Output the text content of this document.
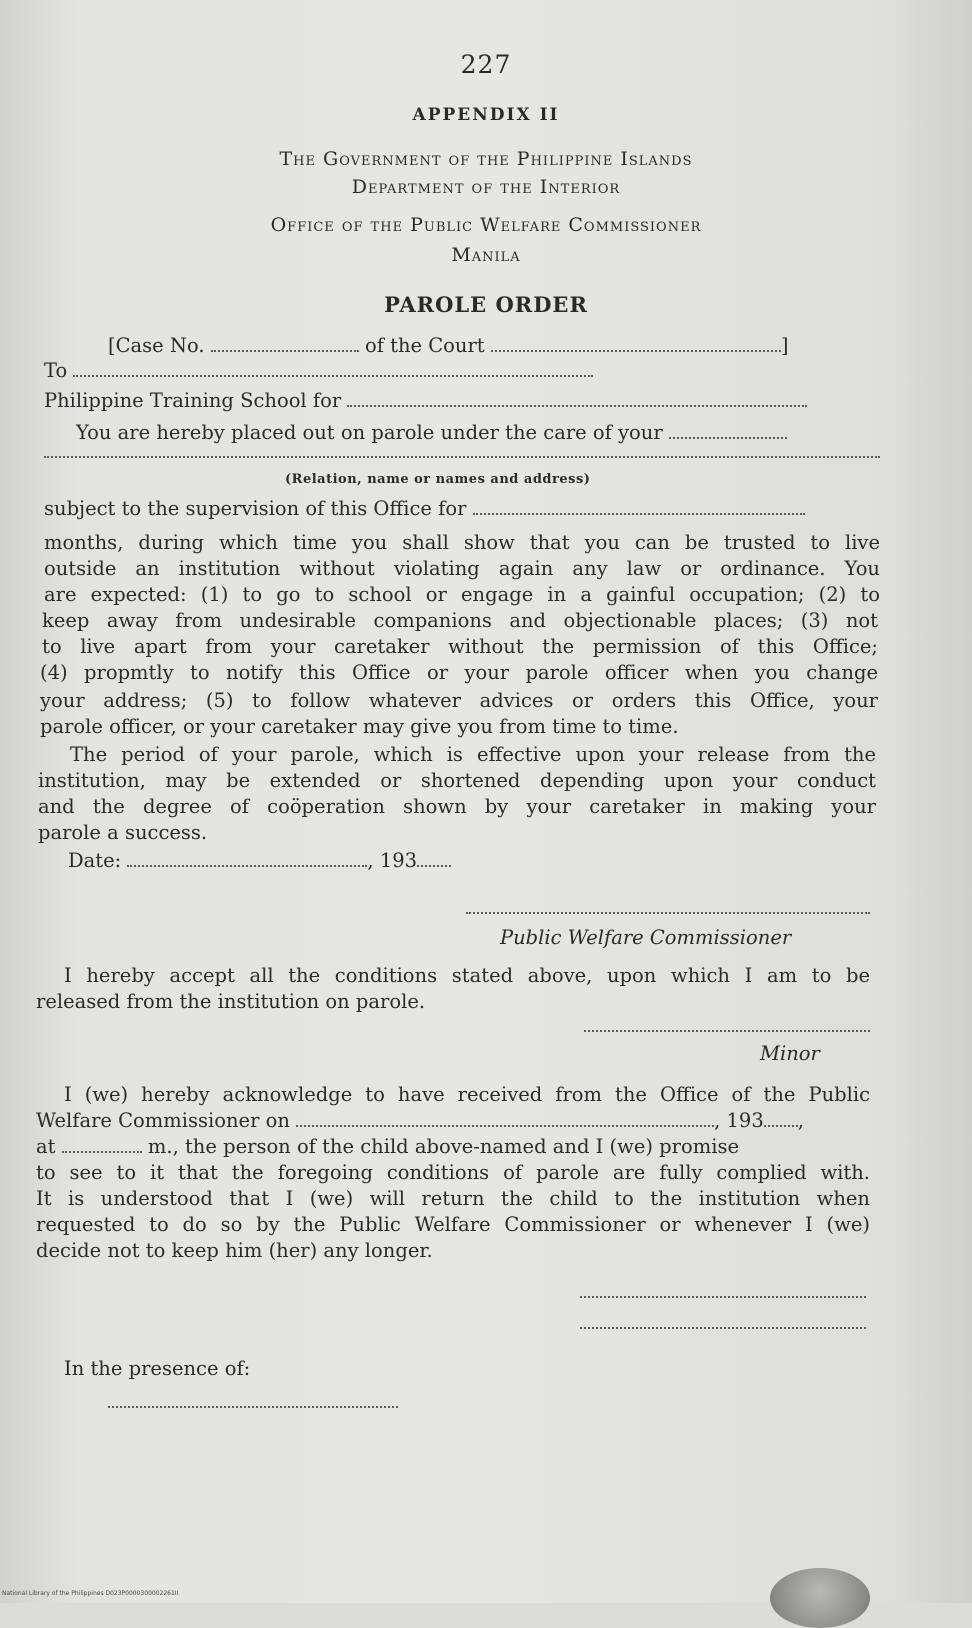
227
APPENDIX II
The Government of the Philippine Islands
Department of the Interior
Office of the Public Welfare Commissioner
Manila
PAROLE ORDER
[Case No.	of the Court	]
To
Philippine Training School for
You are hereby placed out on parole under the care of your
(Relation, name or names and address)
subject to the supervision of this Office for
months, during which time you shall show that you can be trusted to live
outside an institution without violating again any law or ordinance. You
are expected: (1) to go to school or engage in a gainful occupation; (2) to
keep away from undesirable companions and objectionable places; (3) not
to live apart from your caretaker without the permission of this Office;
(4) propmtly to notify this Office or your parole officer when you change
your address; (5) to follow whatever advices or orders this Office, your
parole officer, or your caretaker may give you from time to time.
The period of your parole, which is effective upon your release from the
institution, may be extended or shortened depending upon your conduct
and the degree of coöperation shown by your caretaker in making your
parole a success.
Date:	, 193
Public Welfare Commissioner
I hereby accept all the conditions stated above, upon which I am to be
released from the institution on parole.
Minor
I (we) hereby acknowledge to have received from the Office of the Public
Welfare Commissioner on	, 193 ,
at	m., the person of the child above-named and I (we) promise
to see to it that the foregoing conditions of parole are fully complied with.
It is understood that I (we) will return the child to the institution when
requested to do so by the Public Welfare Commissioner or whenever I (we)
decide not to keep him (her) any longer.
In the presence of:
National Library of the Philippines D023P0000300002261II
